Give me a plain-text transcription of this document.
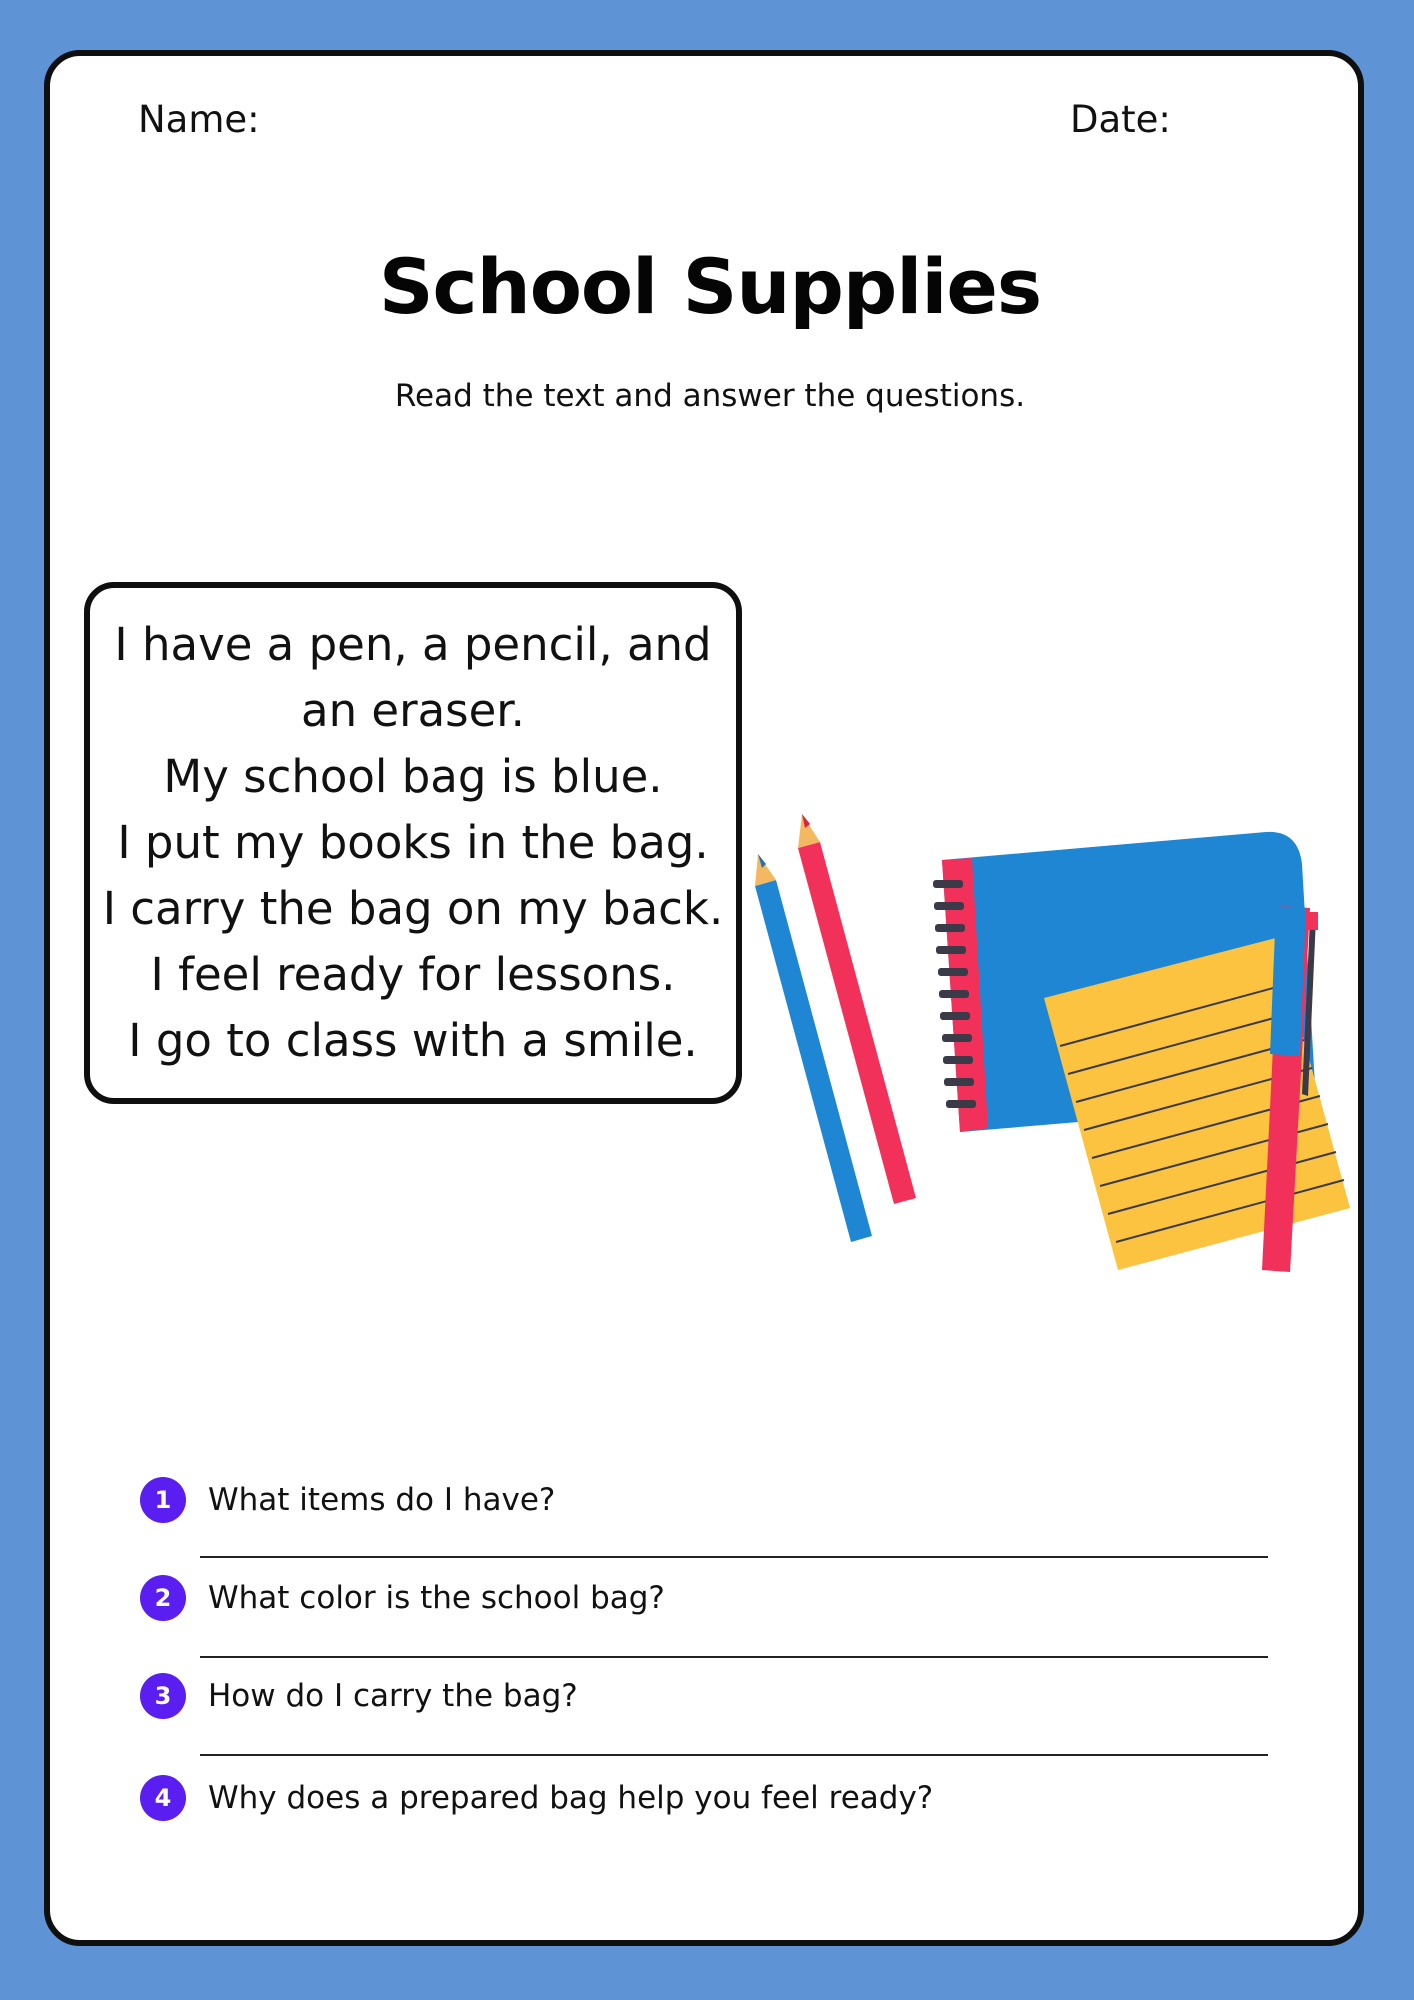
Name:	Date:
School Supplies
Read the text and answer the questions.
I have a pen, a pencil, and
an eraser.
My school bag is blue.
I put my books in the bag.
I carry the bag on my back.
I feel ready for lessons.
I go to class with a smile.
1	What items do I have?
2	What color is the school bag?
3	How do I carry the bag?
4	Why does a prepared bag help you feel ready?
